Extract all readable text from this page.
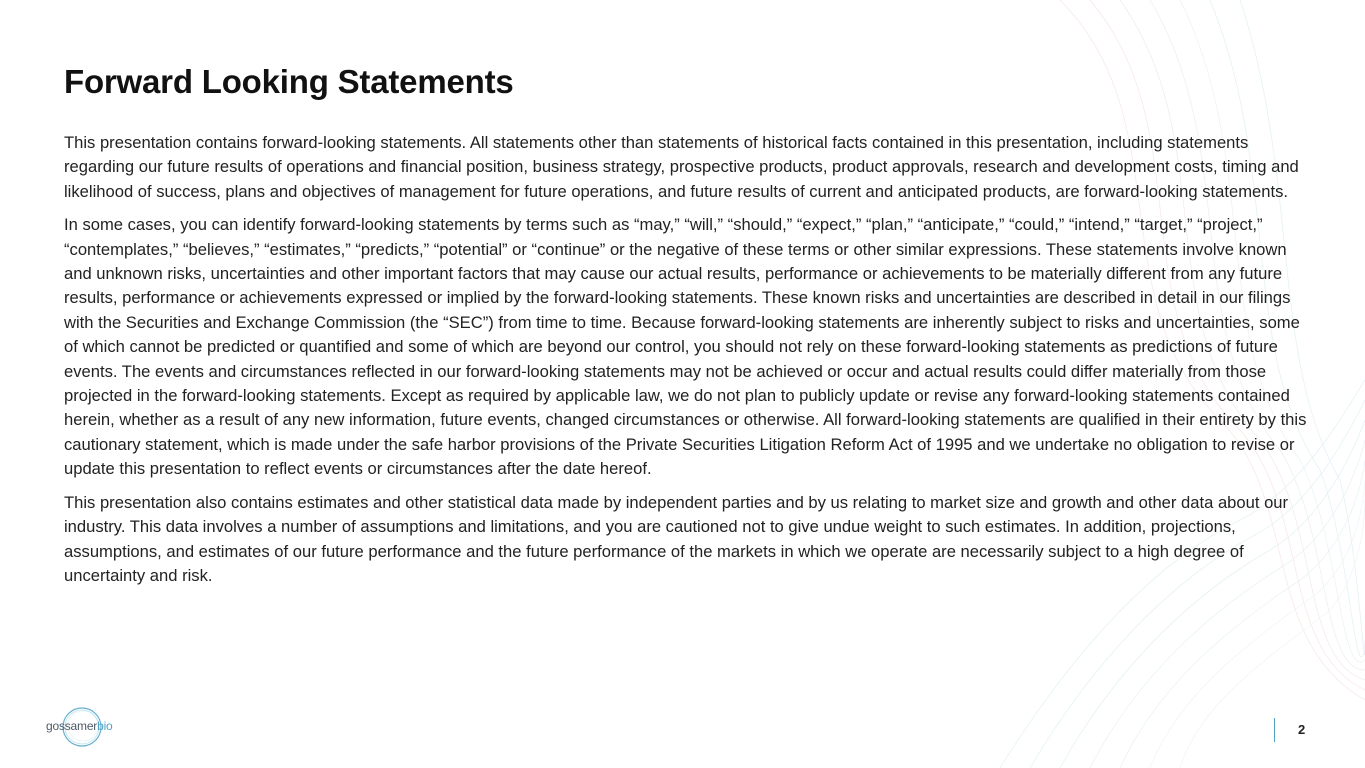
Forward Looking Statements

This presentation contains forward-looking statements. All statements other than statements of historical facts contained in this presentation, including statements regarding our future results of operations and financial position, business strategy, prospective products, product approvals, research and development costs, timing and likelihood of success, plans and objectives of management for future operations, and future results of current and anticipated products, are forward-looking statements.

In some cases, you can identify forward-looking statements by terms such as “may,” “will,” “should,” “expect,” “plan,” “anticipate,” “could,” “intend,” “target,” “project,” “contemplates,” “believes,” “estimates,” “predicts,” “potential” or “continue” or the negative of these terms or other similar expressions. These statements involve known and unknown risks, uncertainties and other important factors that may cause our actual results, performance or achievements to be materially different from any future results, performance or achievements expressed or implied by the forward-looking statements. These known risks and uncertainties are described in detail in our filings with the Securities and Exchange Commission (the “SEC”) from time to time. Because forward-looking statements are inherently subject to risks and uncertainties, some of which cannot be predicted or quantified and some of which are beyond our control, you should not rely on these forward-looking statements as predictions of future events. The events and circumstances reflected in our forward-looking statements may not be achieved or occur and actual results could differ materially from those projected in the forward-looking statements. Except as required by applicable law, we do not plan to publicly update or revise any forward-looking statements contained herein, whether as a result of any new information, future events, changed circumstances or otherwise. All forward-looking statements are qualified in their entirety by this cautionary statement, which is made under the safe harbor provisions of the Private Securities Litigation Reform Act of 1995 and we undertake no obligation to revise or update this presentation to reflect events or circumstances after the date hereof.

This presentation also contains estimates and other statistical data made by independent parties and by us relating to market size and growth and other data about our industry. This data involves a number of assumptions and limitations, and you are cautioned not to give undue weight to such estimates. In addition, projections, assumptions, and estimates of our future performance and the future performance of the markets in which we operate are necessarily subject to a high degree of uncertainty and risk.

gossamerbio	2
